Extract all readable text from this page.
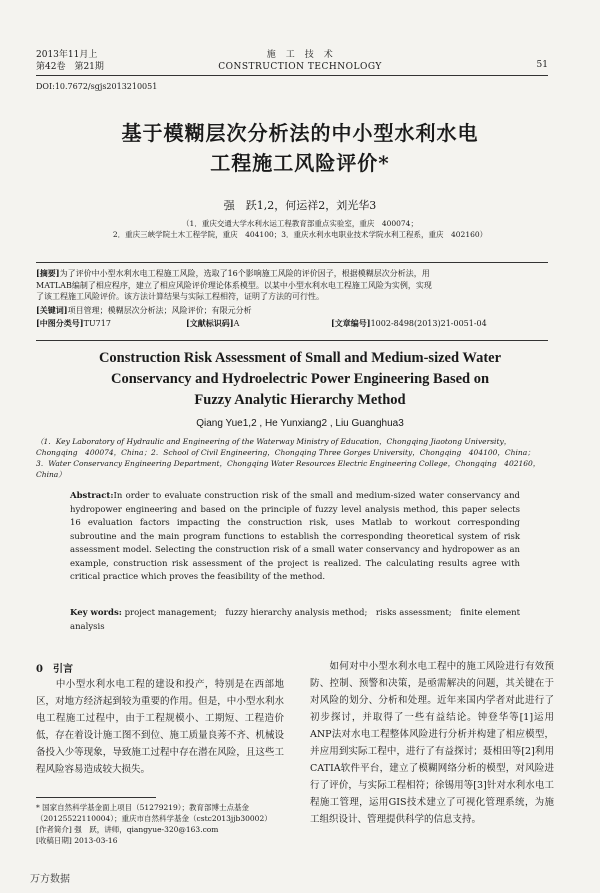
2013年11月上
第42卷　第21期
施　工　技　术
CONSTRUCTION TECHNOLOGY	51
DOI:10.7672/sgjs2013210051
基于模糊层次分析法的中小型水利水电
工程施工风险评价*
强　跃1,2，何运祥2，刘光华3
（1．重庆交通大学水利水运工程教育部重点实验室，重庆　400074；
2．重庆三峡学院土木工程学院，重庆　404100；3．重庆水利水电职业技术学院水利工程系，重庆　402160）
[摘要]为了评价中小型水利水电工程施工风险，选取了16个影响施工风险的评价因子，根据模糊层次分析法，用
MATLAB编制了相应程序，建立了相应风险评价理论体系模型。以某中小型水利水电工程施工风险为实例，实现
了该工程施工风险评价。该方法计算结果与实际工程相符，证明了方法的可行性。
[关键词]项目管理；模糊层次分析法；风险评价；有限元分析
[中图分类号]TU717	[文献标识码]A	[文章编号]1002-8498(2013)21-0051-04
Construction Risk Assessment of Small and Medium-sized Water
Conservancy and Hydroelectric Power Engineering Based on
Fuzzy Analytic Hierarchy Method
Qiang Yue1,2 , He Yunxiang2 , Liu Guanghua3
（1．Key Laboratory of Hydraulic and Engineering of the Waterway Ministry of Education，Chongqing Jiaotong University，
Chongqing　400074，China；2．School of Civil Engineering，Chongqing Three Gorges University，Chongqing　404100，China；
3．Water Conservancy Engineering Department，Chongqing Water Resources Electric Engineering College，Chongqing　402160，China）
Abstract:In order to evaluate construction risk of the small and medium-sized water conservancy and hydropower engineering and based on the principle of fuzzy level analysis method, this paper selects 16 evaluation factors impacting the construction risk, uses Matlab to workout corresponding subroutine and the main program functions to establish the corresponding theoretical system of risk assessment model. Selecting the construction risk of a small water conservancy and hydropower as an example, construction risk assessment of the project is realized. The calculating results agree with critical practice which proves the feasibility of the method.
Key words: project management;　fuzzy hierarchy analysis method;　risks assessment;　finite element analysis
0　引言
　　中小型水利水电工程的建设和投产，特别是在西部地区，对地方经济起到较为重要的作用。但是，中小型水利水电工程施工过程中，由于工程规模小、工期短、工程造价低，存在着设计施工图不到位、施工质量良莠不齐、机械设备投入少等现象，导致施工过程中存在潜在风险，且这些工程风险容易造成较大损失。
　　如何对中小型水利水电工程中的施工风险进行有效预防、控制、预警和决策，是亟需解决的问题，其关键在于对风险的划分、分析和处理。近年来国内学者对此进行了初步探讨，并取得了一些有益结论。钟登华等[1]运用ANP法对水电工程整体风险进行分析并构建了相应模型，并应用到实际工程中，进行了有益探讨；聂相田等[2]利用CATIA软件平台，建立了模糊网络分析的模型，对风险进行了评价，与实际工程相符；徐锡用等[3]针对水利水电工程施工管理，运用GIS技术建立了可视化管理系统，为施工组织设计、管理提供科学的信息支持。
* 国家自然科学基金面上项目（51279219）；教育部博士点基金（20125522110004）；重庆市自然科学基金（cstc2013jjb30002）
[作者简介] 强　跃，讲师，qiangyue-320@163.com
[收稿日期] 2013-03-16
万方数据
